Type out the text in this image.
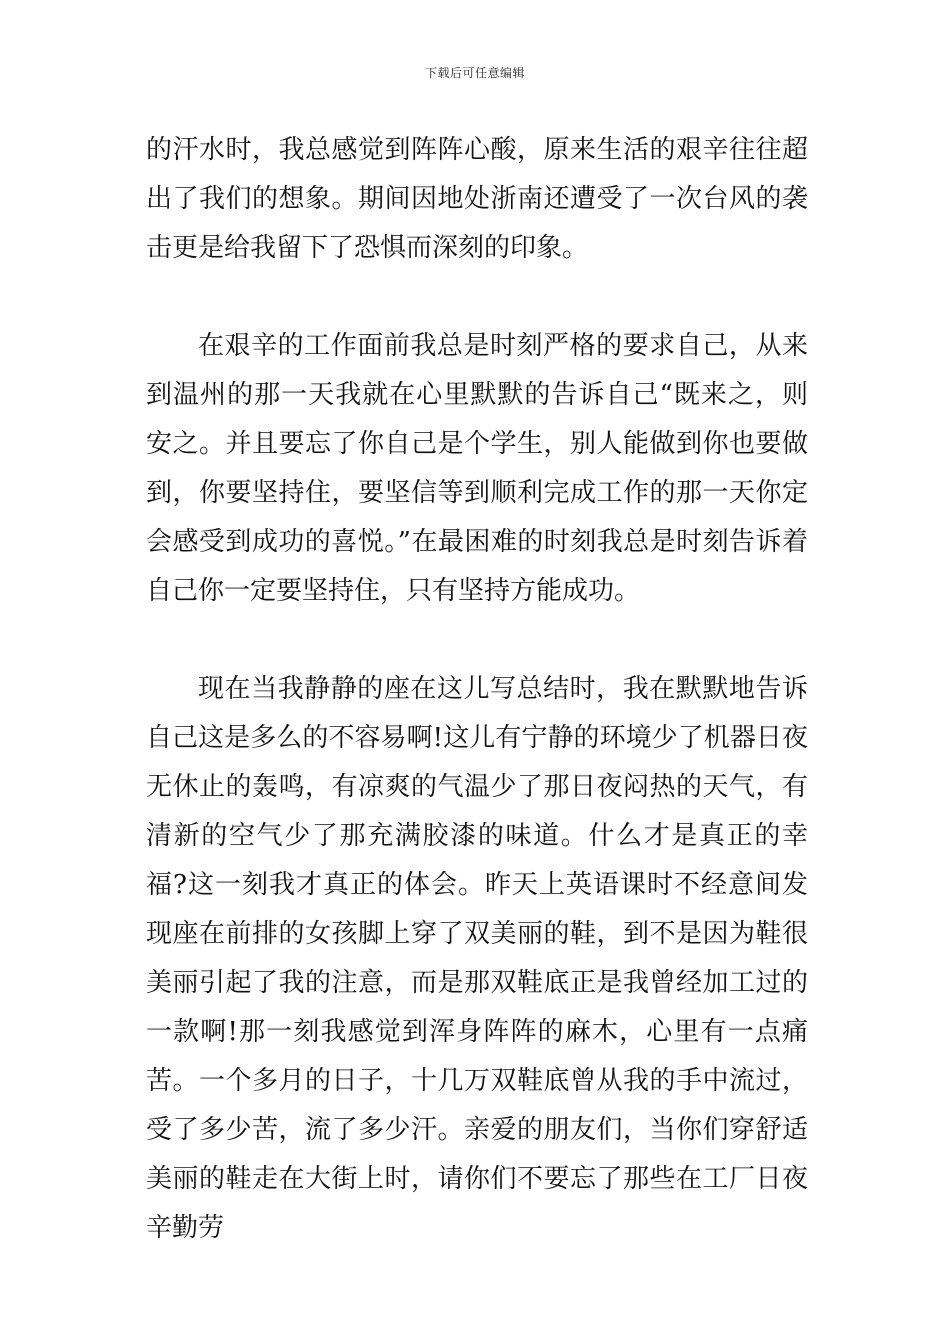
下载后可任意编辑

的汗水时，我总感觉到阵阵心酸，原来生活的艰辛往往超出了我们的想象。期间因地处浙南还遭受了一次台风的袭击更是给我留下了恐惧而深刻的印象。

在艰辛的工作面前我总是时刻严格的要求自己，从来到温州的那一天我就在心里默默的告诉自己“既来之，则安之。并且要忘了你自己是个学生，别人能做到你也要做到，你要坚持住，要坚信等到顺利完成工作的那一天你定会感受到成功的喜悦。”在最困难的时刻我总是时刻告诉着自己你一定要坚持住，只有坚持方能成功。

现在当我静静的座在这儿写总结时，我在默默地告诉自己这是多么的不容易啊!这儿有宁静的环境少了机器日夜无休止的轰鸣，有凉爽的气温少了那日夜闷热的天气，有清新的空气少了那充满胶漆的味道。什么才是真正的幸福?这一刻我才真正的体会。昨天上英语课时不经意间发现座在前排的女孩脚上穿了双美丽的鞋，到不是因为鞋很美丽引起了我的注意，而是那双鞋底正是我曾经加工过的一款啊!那一刻我感觉到浑身阵阵的麻木，心里有一点痛苦。一个多月的日子，十几万双鞋底曾从我的手中流过，受了多少苦，流了多少汗。亲爱的朋友们，当你们穿舒适美丽的鞋走在大街上时，请你们不要忘了那些在工厂日夜辛勤劳
